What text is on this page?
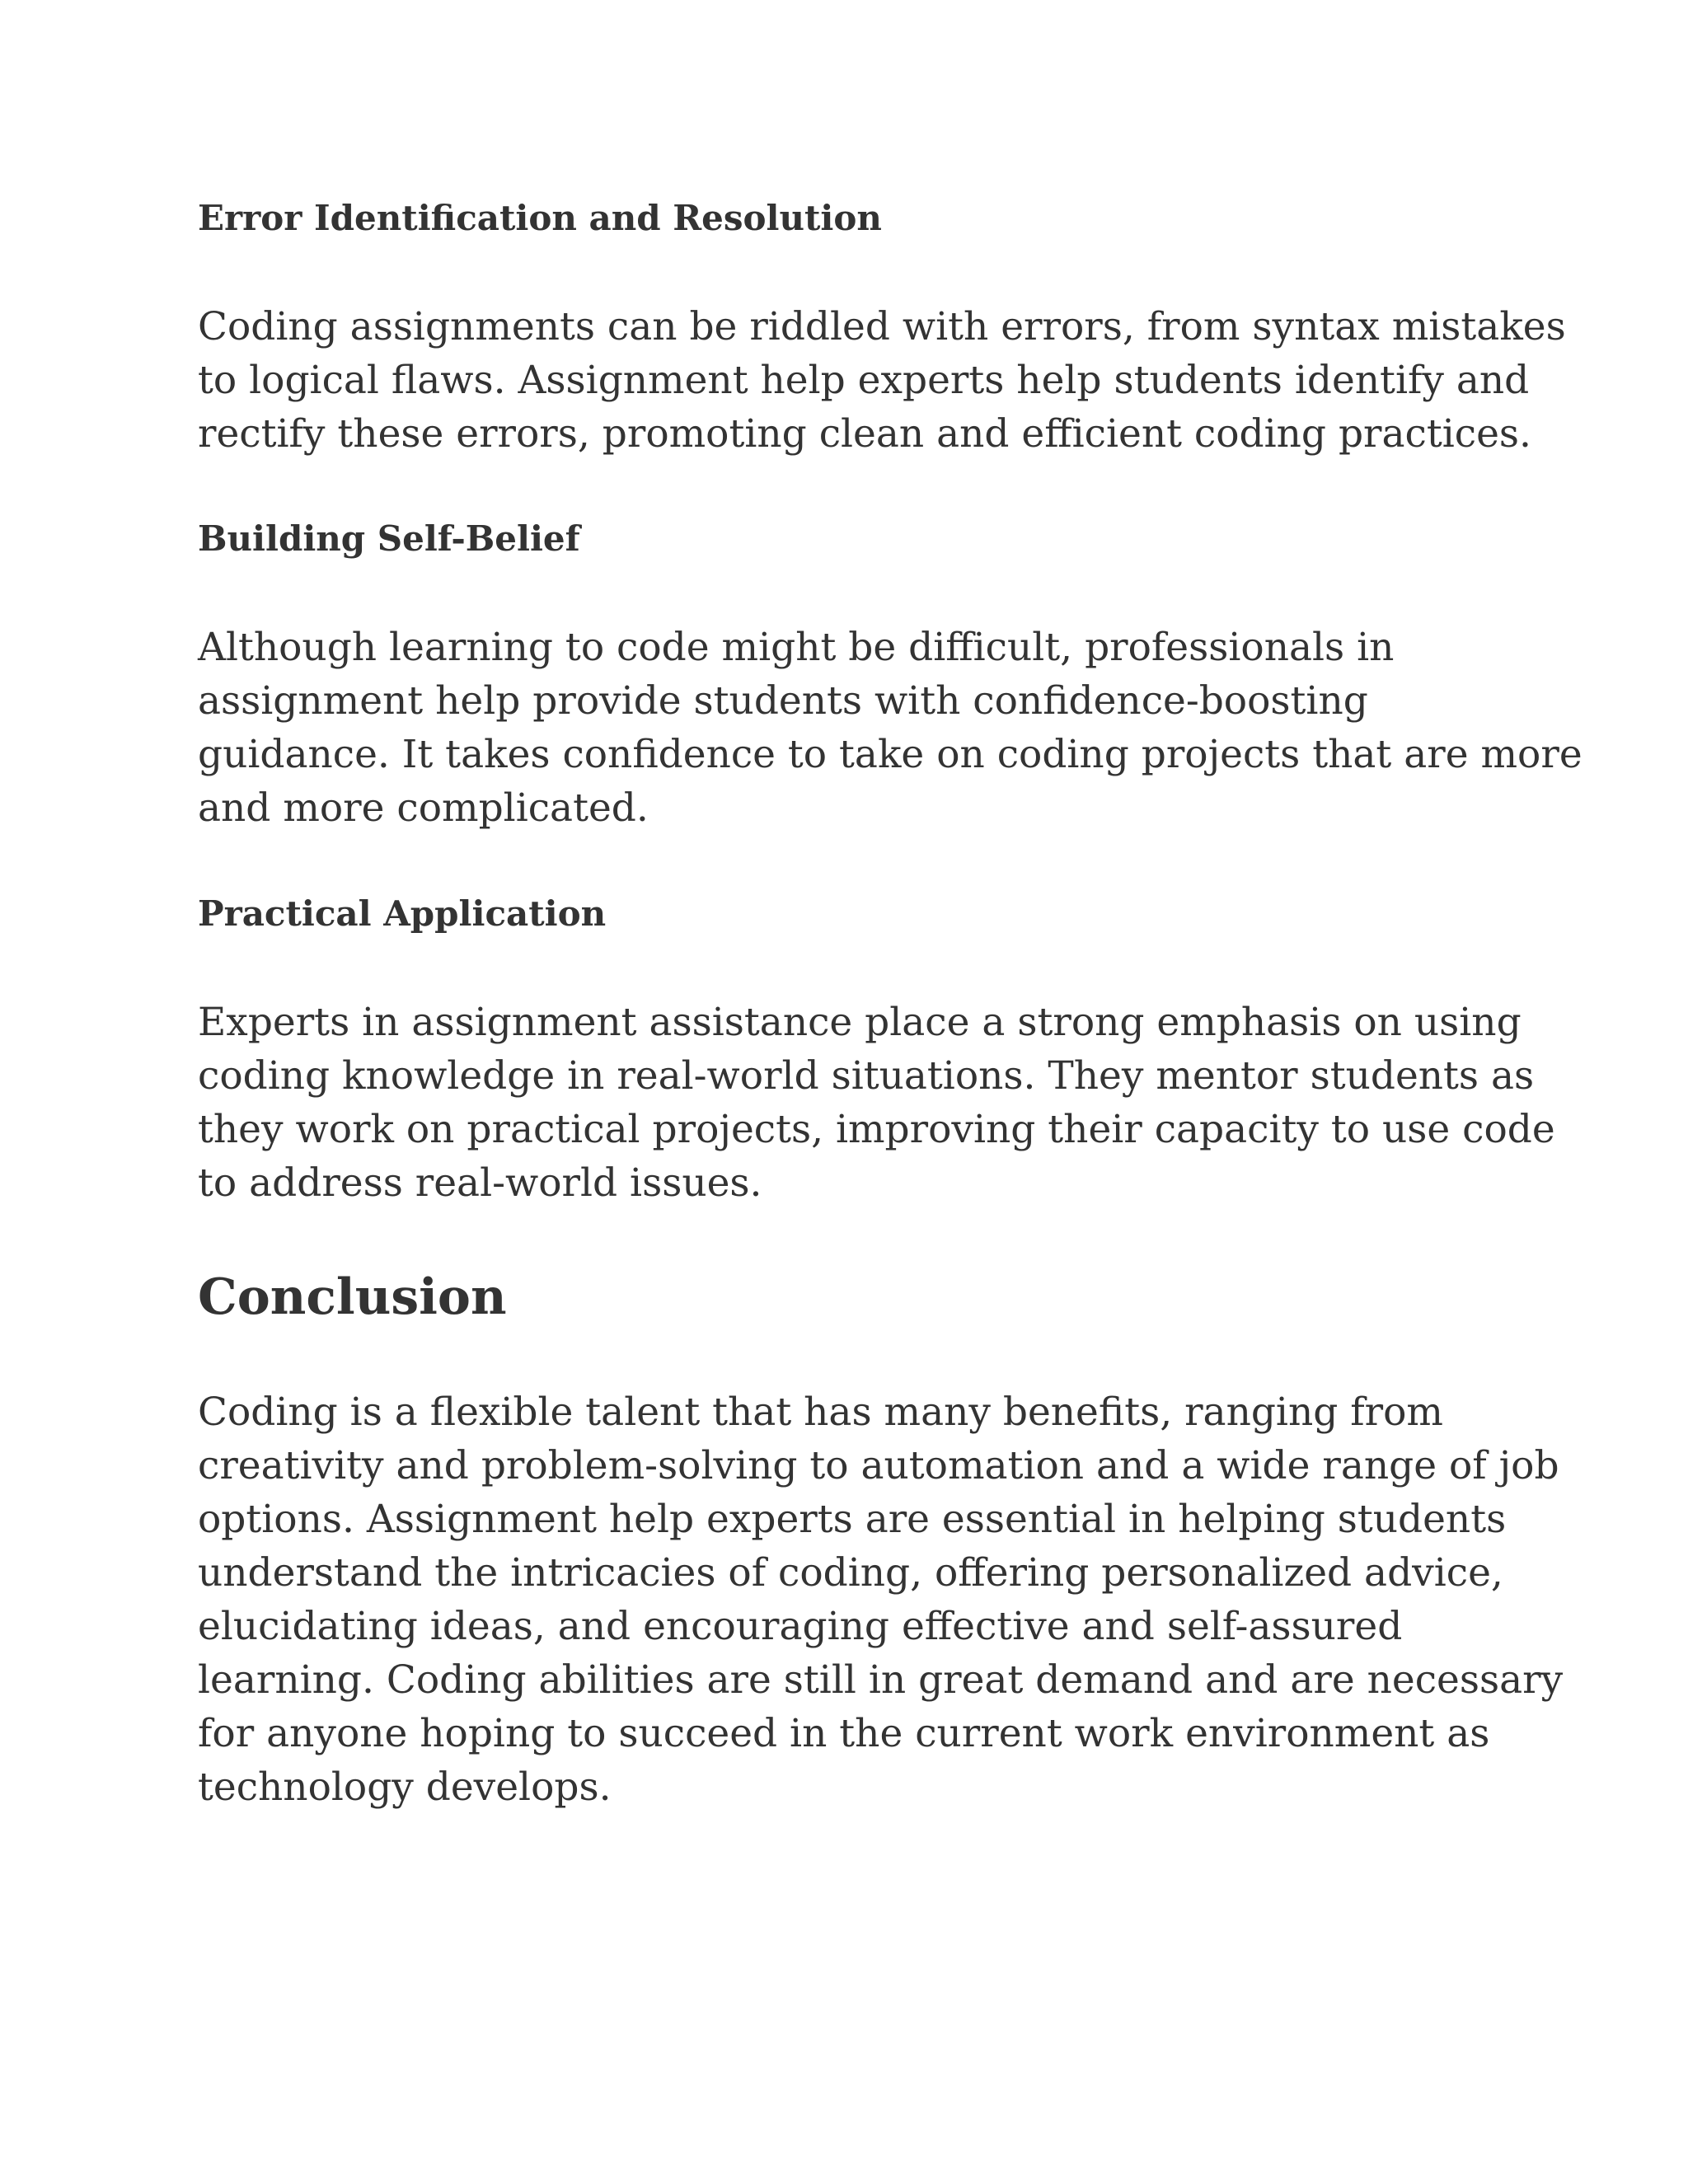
Error Identification and Resolution

Coding assignments can be riddled with errors, from syntax mistakes
to logical flaws. Assignment help experts help students identify and
rectify these errors, promoting clean and efficient coding practices.

Building Self-Belief

Although learning to code might be difficult, professionals in
assignment help provide students with confidence-boosting
guidance. It takes confidence to take on coding projects that are more
and more complicated.

Practical Application

Experts in assignment assistance place a strong emphasis on using
coding knowledge in real-world situations. They mentor students as
they work on practical projects, improving their capacity to use code
to address real-world issues.

Conclusion

Coding is a flexible talent that has many benefits, ranging from
creativity and problem-solving to automation and a wide range of job
options. Assignment help experts are essential in helping students
understand the intricacies of coding, offering personalized advice,
elucidating ideas, and encouraging effective and self-assured
learning. Coding abilities are still in great demand and are necessary
for anyone hoping to succeed in the current work environment as
technology develops.
